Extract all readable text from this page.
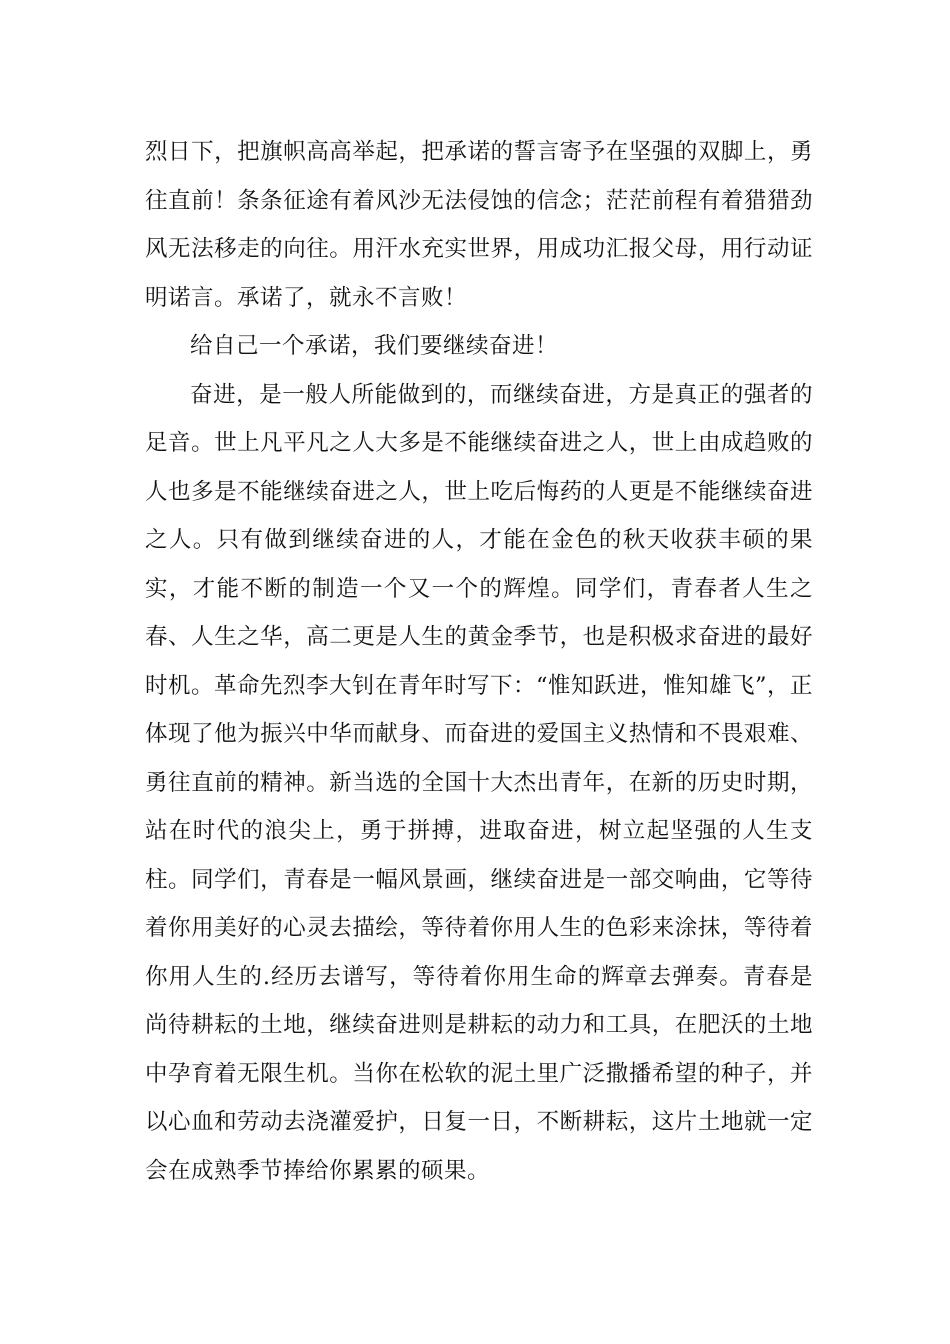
烈日下，把旗帜高高举起，把承诺的誓言寄予在坚强的双脚上，勇往直前！条条征途有着风沙无法侵蚀的信念；茫茫前程有着猎猎劲风无法移走的向往。用汗水充实世界，用成功汇报父母，用行动证明诺言。承诺了，就永不言败！

给自己一个承诺，我们要继续奋进！

奋进，是一般人所能做到的，而继续奋进，方是真正的强者的足音。世上凡平凡之人大多是不能继续奋进之人，世上由成趋败的人也多是不能继续奋进之人，世上吃后悔药的人更是不能继续奋进之人。只有做到继续奋进的人，才能在金色的秋天收获丰硕的果实，才能不断的制造一个又一个的辉煌。同学们，青春者人生之春、人生之华，高二更是人生的黄金季节，也是积极求奋进的最好时机。革命先烈李大钊在青年时写下：“惟知跃进，惟知雄飞”，正体现了他为振兴中华而献身、而奋进的爱国主义热情和不畏艰难、勇往直前的精神。新当选的全国十大杰出青年，在新的历史时期，站在时代的浪尖上，勇于拼搏，进取奋进，树立起坚强的人生支柱。同学们，青春是一幅风景画，继续奋进是一部交响曲，它等待着你用美好的心灵去描绘，等待着你用人生的色彩来涂抹，等待着你用人生的.经历去谱写，等待着你用生命的辉章去弹奏。青春是尚待耕耘的土地，继续奋进则是耕耘的动力和工具，在肥沃的土地中孕育着无限生机。当你在松软的泥土里广泛撒播希望的种子，并以心血和劳动去浇灌爱护，日复一日，不断耕耘，这片土地就一定会在成熟季节捧给你累累的硕果。
